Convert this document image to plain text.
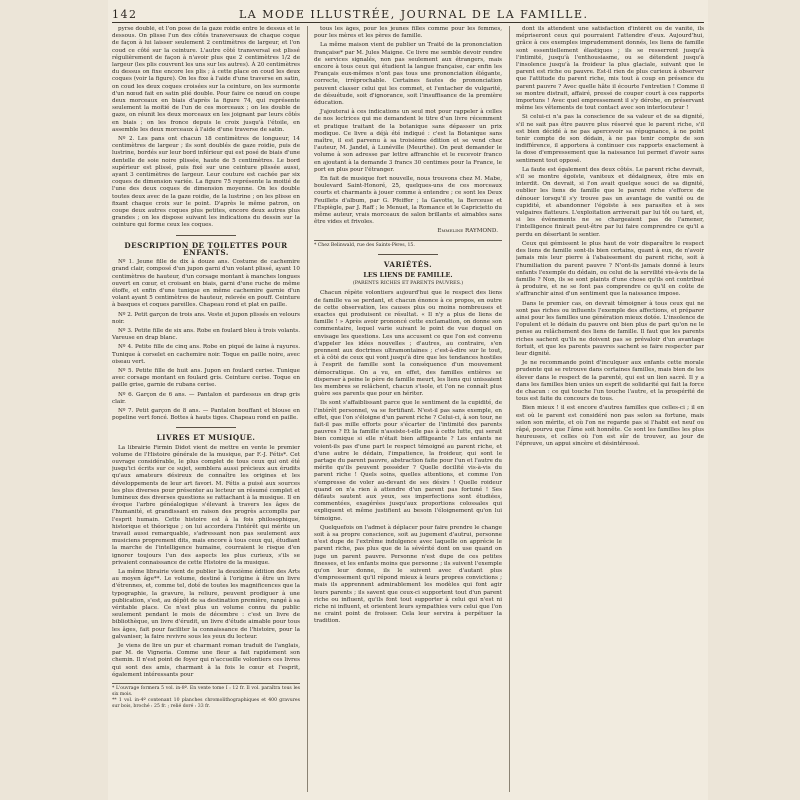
142	LA MODE ILLUSTRÉE, JOURNAL DE LA FAMILLE.

pyrse doublé, et l'on pose de la gaze roidie entre le dessus et le dessous. On plisse l'un des côtés transversaux de chaque coque de façon à lui laisser seulement 2 centimètres de largeur, et l'on coud ce côté sur la ceinture. L'autre côté transversal est plissé régulièrement de façon à n'avoir plus que 2 centimètres 1/2 de largeur (les plis couvrent les uns sur les autres). À 20 centimètres du dessus on fixe encore les plis ; à cette place on coud les deux coques (voir la figure). On les fixe à l'aide d'une traverse en satin, on coud les deux coques croisées sur la ceinture, on les surmonte d'un nœud fait en satin plié double. Pour faire ce nœud on coupe deux morceaux en biais d'après la figure 74, qui représente seulement la moitié de l'un de ces morceaux ; on les double de gaze, on réunit les deux morceaux en les joignant par leurs côtés en biais ; on les fronce depuis le croix jusqu'à l'étoile, en assemble les deux morceaux à l'aide d'une traverse de satin.

Nº 2. Les pans ont chacun 18 centimètres de longueur, 14 centimètres de largeur ; ils sont doublés de gaze roidie, puis de lustrine, bordés sur leur bord inférieur qui est posé de biais d'une dentelle de soie noire plissée, haute de 5 centimètres. Le bord supérieur est plissé, puis fixé sur une ceinture plissée aussi, ayant 3 centimètres de largeur. Leur couture est cachée par six coques de dimension variée. La figure 75 représente la moitié de l'une des deux coques de dimension moyenne. On les double toutes deux avec de la gaze roidie, de la lustrine ; on les plisse en fixant chaque croix sur le point. D'après le même patron, on coupe deux autres coques plus petites, encore deux autres plus grandes ; on les dispose suivant les indications du dessin sur la ceinture qui forme ceux les coques.

DESCRIPTION DE TOILETTES POUR ENFANTS.

Nº 1. Jeune fille de dix à douze ans. Costume de cachemire grand clair, composé d'un jupon garni d'un volant plissé, ayant 10 centimètres de hauteur, d'un corsage montant à manches longues ouvert en cœur, et croisant en biais, garni d'une ruche de même étoffe, et enfin d'une tunique en même cachemire garnie d'un volant ayant 5 centimètres de hauteur, relevée en pouff. Ceinture à basques et coques pareilles. Chapeau rond et plat en paille.

Nº 2. Petit garçon de trois ans. Veste et jupon plissés en velours noir.

Nº 3. Petite fille de six ans. Robe en foulard bleu à trois volants. Vareuse en drap blanc.

Nº 4. Petite fille de cinq ans. Robe en piqué de laine à rayures. Tunique à corselet en cachemire noir. Toque en paille noire, avec oiseau vert.

Nº 5. Petite fille de huit ans. Jupon en foulard cerise. Tunique avec corsage montant en foulard gris. Ceinture cerise. Toque en paille grise, garnie de rubans cerise.

Nº 6. Garçon de 6 ans. — Pantalon et pardessus en drap gris clair.

Nº 7. Petit garçon de 8 ans. — Pantalon bouffant et blouse en popeline vert foncé. Bottes à hauts tiges. Chapeau rond en paille.

LIVRES ET MUSIQUE.

La librairie Firmin Didot vient de mettre en vente le premier volume de l'Histoire générale de la musique, par F.-J. Fétis*. Cet ouvrage considérable, le plus complet de tous ceux qui ont été jusqu'ici écrits sur ce sujet, semblera aussi précieux aux érudits qu'aux amateurs désireux de connaître les origines et les développements de leur art favori. M. Fétis a puisé aux sources les plus diverses pour présenter au lecteur un résumé complet et lumineux des diverses questions se rattachant à la musique. Il en évoque l'arbre généalogique s'élevant à travers les âges de l'humanité, et grandissant en raison des progrès accomplis par l'esprit humain. Cette histoire est à la fois philosophique, historique et théorique ; on lui accordera l'intérêt qui mérite un travail aussi remarquable, s'adressant non pas seulement aux musiciens proprement dits, mais encore à tous ceux qui, étudiant la marche de l'intelligence humaine, courraient le risque d'en ignorer toujours l'un des aspects les plus curieux, s'ils se privaient connaissance de cette Histoire de la musique.

La même librairie vient de publier la deuxième édition des Arts au moyen âge**. Le volume, destiné à l'origine à être un livre d'étrennes, et, comme tel, doté de toutes les magnificences que la typographie, la gravure, la reliure, peuvent prodiguer à une publication, s'est, au dépôt de sa destination première, rangé à sa véritable place. Ce n'est plus un volume connu du public seulement pendant le mois de décembre : c'est un livre de bibliothèque, un livre d'érudit, un livre d'étude aimable pour tous les âges, fait pour faciliter la connaissance de l'histoire, pour la galvaniser, la faire revivre sous les yeux du lecteur.

Je viens de lire un pur et charmant roman traduit de l'anglais, par M. de Vigneria. Comme une fleur a fait rapidement son chemin. Il n'est point de foyer qui n'accueille volontiers ces livres qui sont des amis, charmant à la fois le cœur et l'esprit, également intéressants pour

* L'ouvrage formera 5 vol. in-8º. En vente tome I : 12 fr. Il vol. paraîtra tous les six mois.
** 1 vol. in-4º contenant 10 planches chromolithographiques et 400 gravures sur bois, broché : 25 fr. ; relié doré : 33 fr.

tous les âges, pour les jeunes filles comme pour les femmes, pour les mères et les pères de famille.

La même maison vient de publier un Traité de la prononciation française* par M. Jules Maigne. Ce livre me semble devoir rendre de services signalés, non pas seulement aux étrangers, mais encore à tous ceux qui étudient la langue française, car enfin les Français eux-mêmes n'ont pas tous une prononciation élégante, correcte, irréprochable. Certaines fautes de prononciation peuvent classer celui qui les commet, et l'entacher de vulgarité, de désuétude, soit d'ignorance, soit l'insuffisance de la première éducation.

J'ajouterai à ces indications un seul mot pour rappeler à celles de nos lectrices qui me demandent le titre d'un livre récemment et pratique traitant de la botanique sans dépasser un prix modique. Ce livre a déjà été indiqué : c'est la Botanique sans maître, il est parvenu à sa troisième édition et se vend chez l'auteur, M. Jandel, à Lunéville (Meurthe). On peut demander le volume à son adresse par lettre affranchie et le recevoir franco en ajoutant à la demande 3 francs 30 centimes pour la France, le port en plus pour l'étranger.

En fait de musique fort nouvelle, nous trouvons chez M. Mabe, boulevard Saint-Honoré, 25, quelques-uns de ces morceaux courts et charmants à jouer comme à entendre ; ce sont les Deux Feuillets d'album, par G. Pfeiffer ; la Gavotte, la Berceuse et l'Espiègle, par J. Raff ; le Menuet, la Romance et le Capricietto du même auteur, vrais morceaux de salon brillants et aimables sans être vides et frivoles.

Emmeline RAYMOND.
* Chez Belinwald, rue des Saints-Pères, 15.
VARIÉTÉS.
LES LIENS DE FAMILLE.
(PARENTS RICHES ET PARENTS PAUVRES.)

Chacun répète volontiers aujourd'hui que le respect des liens de famille va se perdant, et chacun énonce à ce propos, en outre de cette observation, les causes plus ou moins nombreuses et exactes qui produisent ce résultat. « Il n'y a plus de liens de famille ! » Après avoir prononcé cette exclamation, on donne son commentaire, lequel varie suivant le point de vue duquel on envisage les questions. Les uns accusent ce que l'on est convenu d'appeler les idées nouvelles ; d'autres, au contraire, s'en prennent aux doctrines ultramontaines ; c'est-à-dire sur le tout, et à côté de ceux qui vont jusqu'à dire que les tendances hostiles à l'esprit de famille sont la conséquence d'un mouvement démocratique. On a vu, en effet, des familles entières se disperser à peine le père de famille meurt, les liens qui unissaient les membres se relâchent, chacun s'isole, et l'on ne connaît plus guère ses parents que pour en hériter.

Ils sont s'affaiblissant parce que le sentiment de la cupidité, de l'intérêt personnel, va se fortifiant. N'est-il pas sans exemple, en effet, que l'on s'éloigne d'un parent riche ? Celui-ci, à son tour, ne fait-il pas mille efforts pour s'écarter de l'intimité des parents pauvres ? Et la famille n'assiste-t-elle pas à cette lutte, qui serait bien comique si elle n'était bien affligeante ? Les enfants ne voient-ils pas d'une part le respect témoigné au parent riche, et d'une autre le dédain, l'impatience, la froideur, qui sont le partage du parent pauvre, abstraction faite pour l'un et l'autre du mérite qu'ils peuvent posséder ? Quelle docilité vis-à-vis du parent riche ! Quels soins, quelles attentions, et comme l'on s'empresse de voler au-devant de ses désirs ! Quelle roideur quand on n'a rien à attendre d'un parent pas fortuné ! Ses défauts sautent aux yeux, ses imperfections sont étudiées, commentées, exagérées jusqu'aux proportions colossales qui expliquent et même justifient au besoin l'éloignement qu'on lui témoigne.

Quelquefois on l'admet à déplacer pour faire prendre le change soit à sa propre conscience, soit au jugement d'autrui, personne n'est dupe de l'extrême indulgence avec laquelle on apprécie le parent riche, pas plus que de la sévérité dont on use quand on juge un parent pauvre. Personne n'est dupe de ces petites finesses, et les enfants moins que personne ; ils suivent l'exemple qu'on leur donne, ils le suivent avec d'autant plus d'empressement qu'il répond mieux à leurs propres convictions ; mais ils apprennent admirablement les modèles qui font agir leurs parents ; ils savent que ceux-ci supportent tout d'un parent riche ou influent, qu'ils font tout supporter à celui qui n'est ni riche ni influent, et orientent leurs sympathies vers celui que l'on ne craint point de froisser. Cela leur servira à perpétuer la tradition.

dont ils attendent une satisfaction d'intérêt ou de vanité, ils mépriseront ceux qui pourraient l'attendre d'eux. Aujourd'hui, grâce à ces exemples imprudemment donnés, les liens de famille sont essentiellement élastiques ; ils se resserrent jusqu'à l'intimité, jusqu'à l'enthousiasme, ou se détendent jusqu'à l'insolence jusqu'à la froideur la plus glaciale, suivant que le parent est riche ou pauvre. Est-il rien de plus curieux à observer que l'attitude du parent riche, mis tout à coup en présence du parent pauvre ? Avec quelle hâte il écourte l'entretien ! Comme il se montre distrait, affairé, pressé de couper court à ces rapports importuns ! Avec quel empressement il s'y dérobe, en préservant même les vêtements de tout contact avec son interlocuteur !

Si celui-ci n'a pas la conscience de sa valeur et de sa dignité, s'il ne sait pas être pauvre plus réservé que le parent riche, s'il est bien décidé à ne pas apercevoir sa répugnance, à ne point tenir compte de son dédain, à ne pas tenir compte de son indifférence, il apportera à continuer ces rapports exactement à la dose d'empressement que la naissance lui permet d'avoir sans sentiment tout opposé.

La faute est également des deux côtés. Le parent riche devrait, s'il se montre égoïste, vaniteux et dédaigneux, être mis en interdit. On devrait, si l'on avait quelque souci de sa dignité, oublier les liens de famille que le parent riche s'efforce de dénouer lorsqu'il s'y trouve pas un avantage de vanité ou de cupidité, et abandonner l'égoïste à ses parasites et à ses vulgaires flatteurs. L'exploitation arriverait par lui tôt ou tard, et, si les événements ne se chargeaient pas de l'amener, l'intelligence finirait peut-être par lui faire comprendre ce qu'il a perdu en désertant le sentier.

Ceux qui gémissent le plus haut de voir disparaître le respect des liens de famille sont-ils bien certains, quant à eux, de n'avoir jamais mis leur pierre à l'abaissement du parent riche, soit à l'humiliation du parent pauvre ? N'ont-ils jamais donné à leurs enfants l'exemple du dédain, ou celui de la servilité vis-à-vis de la famille ? Non, ils se sont plaints d'une chose qu'ils ont contribué à produire, et ne se font pas comprendre ce qu'il en coûte de s'affranchir ainsi d'un sentiment que la naissance impose.

Dans le premier cas, on devrait témoigner à tous ceux qui ne sont pas riches ou influents l'exemple des affections, et préparer ainsi pour les familles une génération mieux dotée. L'insolence de l'opulent et le dédain du pauvre ont bien plus de part qu'on ne le pense au relâchement des liens de famille. Il faut que les parents riches sachent qu'ils ne doivent pas se prévaloir d'un avantage fortuit, et que les parents pauvres sachent se faire respecter par leur dignité.

Je ne recommande point d'inculquer aux enfants cette morale prudente qui se retrouve dans certaines familles, mais bien de les élever dans le respect de la parenté, qui est un lien sacré. Il y a dans les familles bien unies un esprit de solidarité qui fait la force de chacun : ce qui touche l'un touche l'autre, et la prospérité de tous est faite du concours de tous.

Bien mieux ! il est encore d'autres familles que celles-ci ; il en est où le parent est considéré non pas selon sa fortune, mais selon son mérite, et où l'on ne regarde pas si l'habit est neuf ou râpé, pourvu que l'âme soit honnête. Ce sont les familles les plus heureuses, et celles où l'on est sûr de trouver, au jour de l'épreuve, un appui sincère et désintéressé.
